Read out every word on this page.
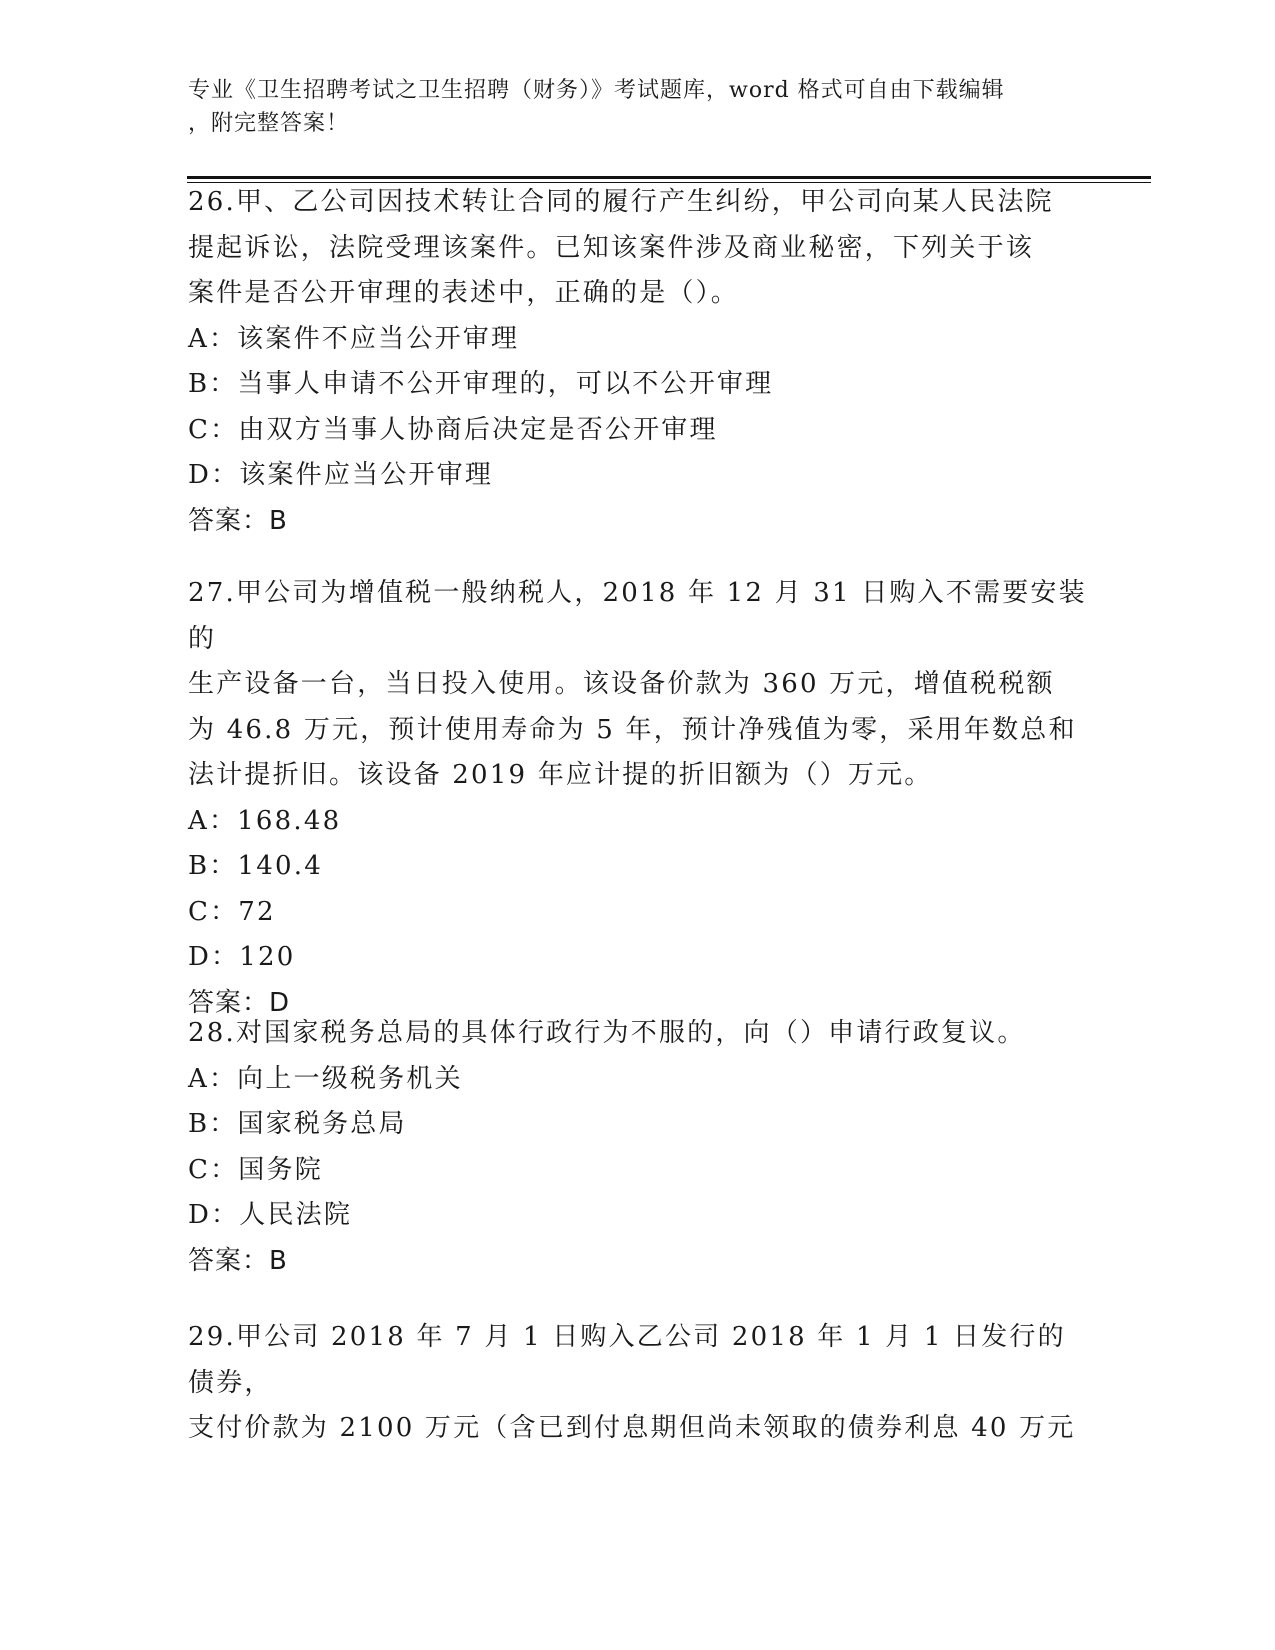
专业《卫生招聘考试之卫生招聘（财务）》考试题库，word 格式可自由下载编辑
，附完整答案！
26.甲、乙公司因技术转让合同的履行产生纠纷，甲公司向某人民法院
提起诉讼，法院受理该案件。已知该案件涉及商业秘密，下列关于该
案件是否公开审理的表述中，正确的是（）。
A：该案件不应当公开审理
B：当事人申请不公开审理的，可以不公开审理
C：由双方当事人协商后决定是否公开审理
D：该案件应当公开审理
答案：B
27.甲公司为增值税一般纳税人，2018 年 12 月 31 日购入不需要安装的
生产设备一台，当日投入使用。该设备价款为 360 万元，增值税税额
为 46.8 万元，预计使用寿命为 5 年，预计净残值为零，采用年数总和
法计提折旧。该设备 2019 年应计提的折旧额为（）万元。
A：168.48
B：140.4
C：72
D：120
答案：D
28.对国家税务总局的具体行政行为不服的，向（）申请行政复议。
A：向上一级税务机关
B：国家税务总局
C：国务院
D：人民法院
答案：B
29.甲公司 2018 年 7 月 1 日购入乙公司 2018 年 1 月 1 日发行的债券，
支付价款为 2100 万元（含已到付息期但尚未领取的债券利息 40 万元
